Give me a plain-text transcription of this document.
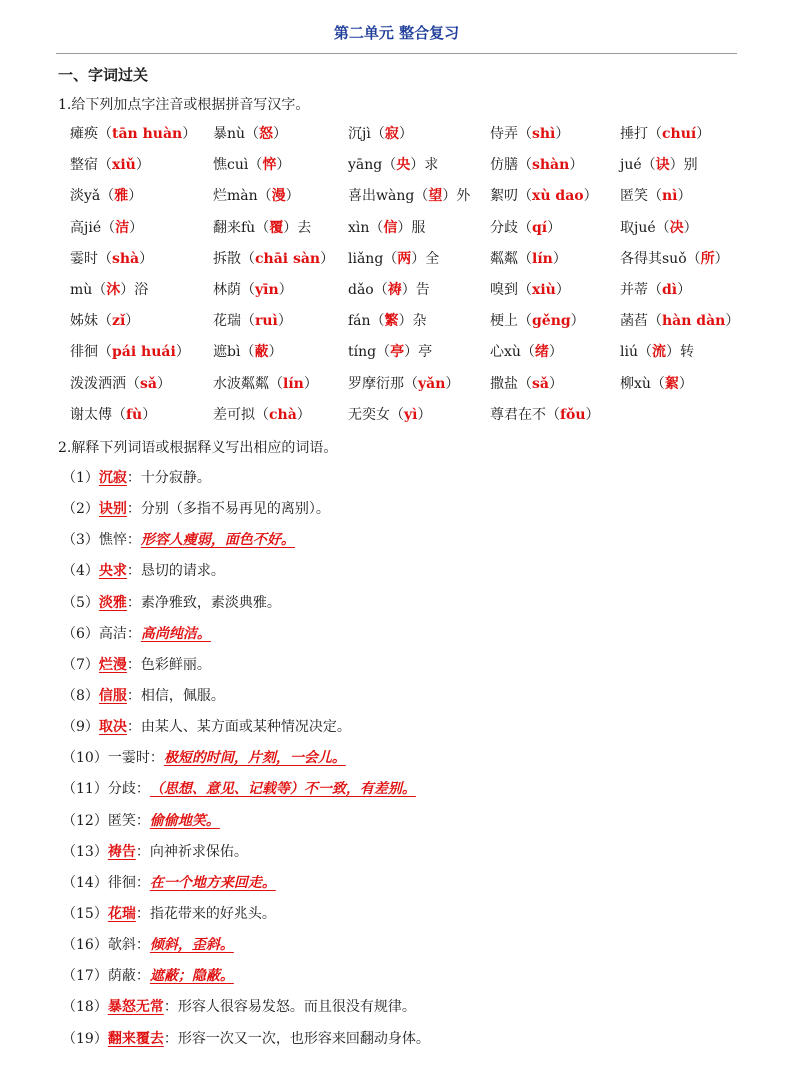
第二单元 整合复习
一、字词过关
1.给下列加点字注音或根据拼音写汉字。
瘫痪（tān huàn） 暴nù（怒）	沉jì（寂）	侍弄（shì）	捶打（chuí）
整宿（xiǔ）	憔cuì（悴）	yāng（央）求	仿膳（shàn）	jué（诀）别
淡yǎ（雅）	烂màn（漫）	喜出wàng（望）外 絮叨（xù dao） 匿笑（nì）
高jié（洁）	翻来fù（覆）去	xìn（信）服	分歧（qí）	取jué（决）
霎时（shà）	拆散（chāi sàn） liǎng（两）全	粼粼（lín）	各得其suǒ（所）
mù（沐）浴	林荫（yīn）	dǎo（祷）告	嗅到（xiù）	并蒂（dì）
姊妹（zǐ）	花瑞（ruì）	fán（繁）杂	梗上（gěng）	菡萏（hàn dàn）
徘徊（pái huái） 遮bì（蔽）	tíng（亭）亭	心xù（绪）	liú（流）转
泼泼洒洒（sǎ）	水波粼粼（lín） 罗摩衍那（yǎn） 撒盐（sǎ）	柳xù（絮）
谢太傅（fù）	差可拟（chà）	无奕女（yì）	尊君在不（fǒu）
2.解释下列词语或根据释义写出相应的词语。
（1）沉寂：十分寂静。
（2）诀别：分别（多指不易再见的离别）。
（3）憔悴：形容人瘦弱，面色不好。
（4）央求：恳切的请求。
（5）淡雅：素净雅致，素淡典雅。
（6）高洁：高尚纯洁。
（7）烂漫：色彩鲜丽。
（8）信服：相信，佩服。
（9）取决：由某人、某方面或某种情况决定。
（10）一霎时：极短的时间，片刻，一会儿。
（11）分歧：（思想、意见、记载等）不一致，有差别。
（12）匿笑：偷偷地笑。
（13）祷告：向神祈求保佑。
（14）徘徊：在一个地方来回走。
（15）花瑞：指花带来的好兆头。
（16）欹斜：倾斜，歪斜。
（17）荫蔽：遮蔽；隐蔽。
（18）暴怒无常：形容人很容易发怒。而且很没有规律。
（19）翻来覆去：形容一次又一次，也形容来回翻动身体。
